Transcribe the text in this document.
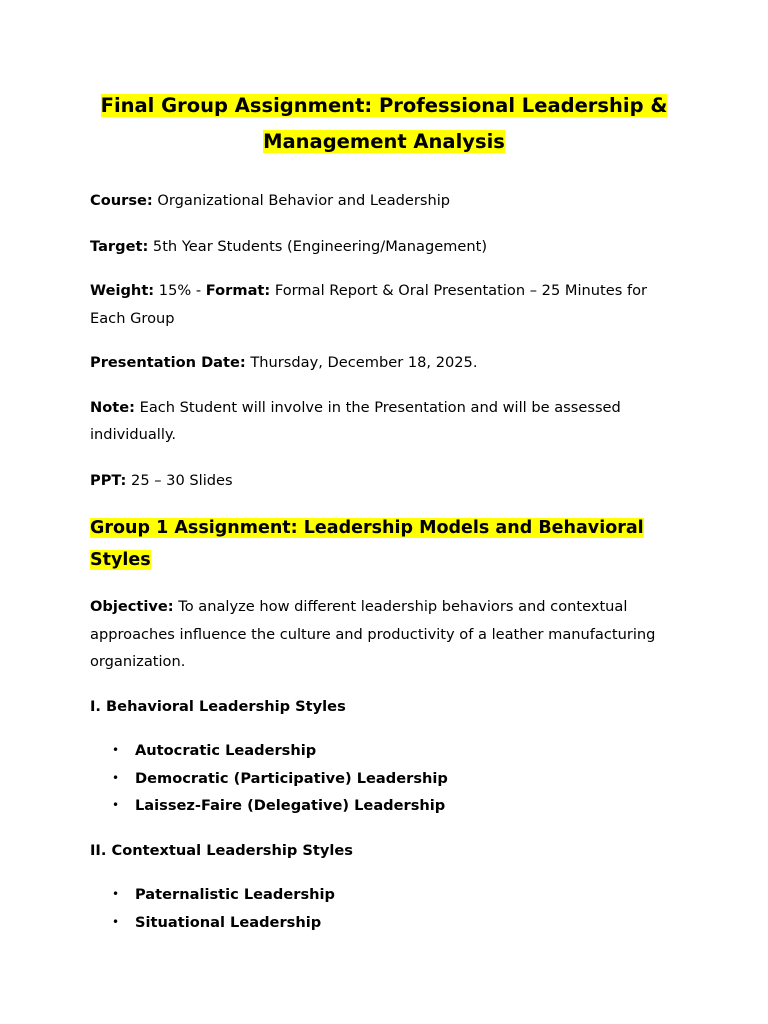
Final Group Assignment: Professional Leadership & Management Analysis

Course: Organizational Behavior and Leadership

Target: 5th Year Students (Engineering/Management)

Weight: 15% - Format: Formal Report & Oral Presentation – 25 Minutes for Each Group

Presentation Date: Thursday, December 18, 2025.

Note: Each Student will involve in the Presentation and will be assessed individually.

PPT: 25 – 30 Slides

Group 1 Assignment: Leadership Models and Behavioral Styles

Objective: To analyze how different leadership behaviors and contextual approaches influence the culture and productivity of a leather manufacturing organization.

I. Behavioral Leadership Styles

• Autocratic Leadership
• Democratic (Participative) Leadership
• Laissez-Faire (Delegative) Leadership

II. Contextual Leadership Styles

• Paternalistic Leadership
• Situational Leadership
